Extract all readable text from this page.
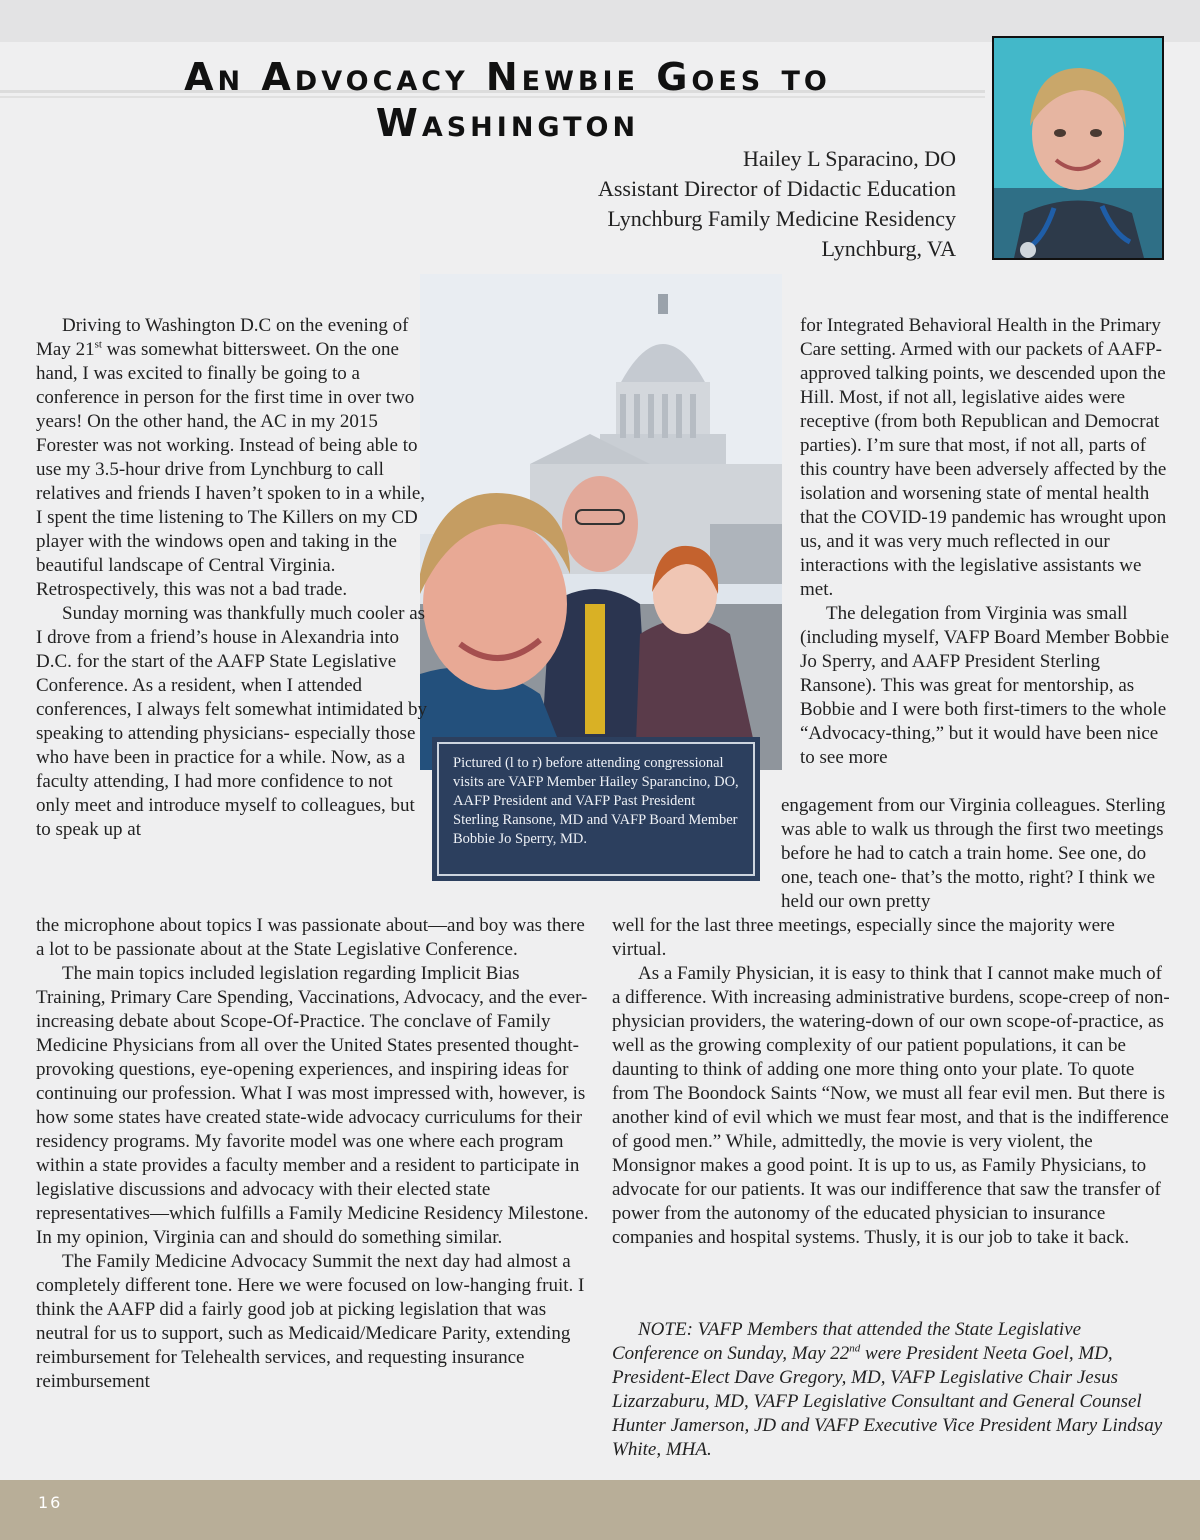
An Advocacy Newbie Goes to Washington
Hailey L Sparacino, DO
Assistant Director of Didactic Education
Lynchburg Family Medicine Residency
Lynchburg, VA
Pictured (l to r) before attending congressional visits are VAFP Member Hailey Sparancino, DO, AAFP President and VAFP Past President Sterling Ransone, MD and VAFP Board Member Bobbie Jo Sperry, MD.

Driving to Washington D.C on the evening of May 21st was somewhat bittersweet. On the one hand, I was excited to finally be going to a conference in person for the first time in over two years! On the other hand, the AC in my 2015 Forester was not working. Instead of being able to use my 3.5-hour drive from Lynchburg to call relatives and friends I haven’t spoken to in a while, I spent the time listening to The Killers on my CD player with the windows open and taking in the beautiful landscape of Central Virginia. Retrospectively, this was not a bad trade.

Sunday morning was thankfully much cooler as I drove from a friend’s house in Alexandria into D.C. for the start of the AAFP State Legislative Conference. As a resident, when I attended conferences, I always felt somewhat intimidated by speaking to attending physicians- especially those who have been in practice for a while. Now, as a faculty attending, I had more confidence to not only meet and introduce myself to colleagues, but to speak up at

the microphone about topics I was passionate about—and boy was there a lot to be passionate about at the State Legislative Conference.

The main topics included legislation regarding Implicit Bias Training, Primary Care Spending, Vaccinations, Advocacy, and the ever-increasing debate about Scope-Of-Practice. The conclave of Family Medicine Physicians from all over the United States presented thought-provoking questions, eye-opening experiences, and inspiring ideas for continuing our profession. What I was most impressed with, however, is how some states have created state-wide advocacy curriculums for their residency programs. My favorite model was one where each program within a state provides a faculty member and a resident to participate in legislative discussions and advocacy with their elected state representatives—which fulfills a Family Medicine Residency Milestone. In my opinion, Virginia can and should do something similar.

The Family Medicine Advocacy Summit the next day had almost a completely different tone. Here we were focused on low-hanging fruit. I think the AAFP did a fairly good job at picking legislation that was neutral for us to support, such as Medicaid/Medicare Parity, extending reimbursement for Telehealth services, and requesting insurance reimbursement

for Integrated Behavioral Health in the Primary Care setting. Armed with our packets of AAFP-approved talking points, we descended upon the Hill. Most, if not all, legislative aides were receptive (from both Republican and Democrat parties). I’m sure that most, if not all, parts of this country have been adversely affected by the isolation and worsening state of mental health that the COVID-19 pandemic has wrought upon us, and it was very much reflected in our interactions with the legislative assistants we met.

The delegation from Virginia was small (including myself, VAFP Board Member Bobbie Jo Sperry, and AAFP President Sterling Ransone). This was great for mentorship, as Bobbie and I were both first-timers to the whole “Advocacy-thing,” but it would have been nice to see more

engagement from our Virginia colleagues. Sterling was able to walk us through the first two meetings before he had to catch a train home. See one, do one, teach one- that’s the motto, right? I think we held our own pretty

well for the last three meetings, especially since the majority were virtual.

As a Family Physician, it is easy to think that I cannot make much of a difference. With increasing administrative burdens, scope-creep of non-physician providers, the watering-down of our own scope-of-practice, as well as the growing complexity of our patient populations, it can be daunting to think of adding one more thing onto your plate. To quote from The Boondock Saints “Now, we must all fear evil men. But there is another kind of evil which we must fear most, and that is the indifference of good men.” While, admittedly, the movie is very violent, the Monsignor makes a good point. It is up to us, as Family Physicians, to advocate for our patients. It was our indifference that saw the transfer of power from the autonomy of the educated physician to insurance companies and hospital systems. Thusly, it is our job to take it back.

NOTE: VAFP Members that attended the State Legislative Conference on Sunday, May 22nd were President Neeta Goel, MD, President-Elect Dave Gregory, MD, VAFP Legislative Chair Jesus Lizarzaburu, MD, VAFP Legislative Consultant and General Counsel Hunter Jamerson, JD and VAFP Executive Vice President Mary Lindsay White, MHA.

16
